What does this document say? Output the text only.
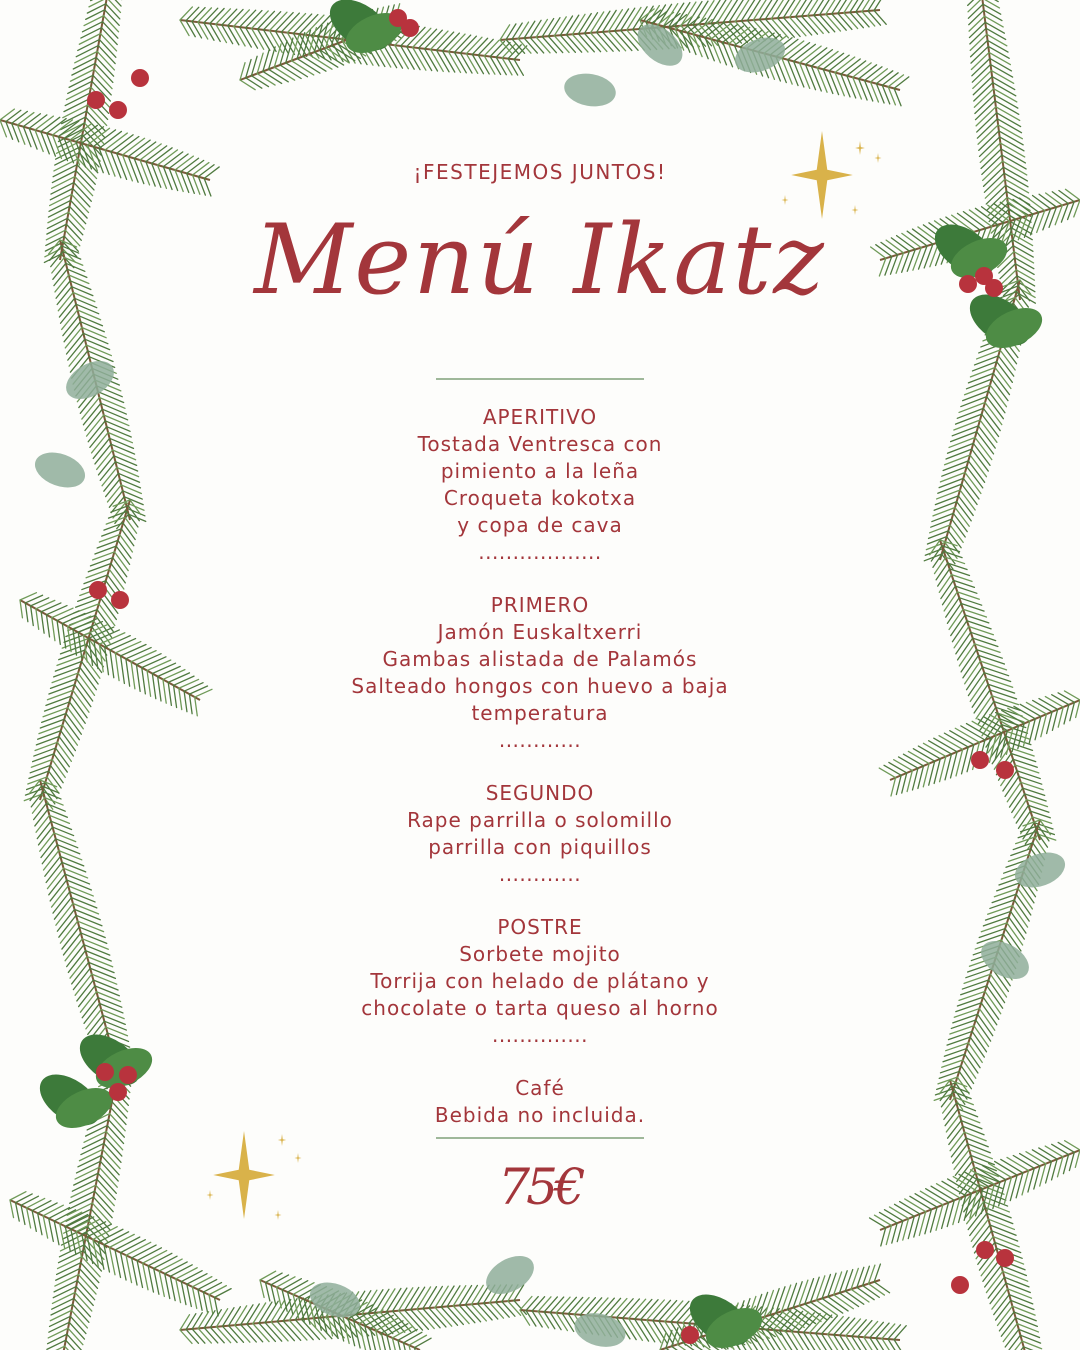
¡FESTEJEMOS JUNTOS!
Menú Ikatz
APERITIVO
Tostada Ventresca con
pimiento a la leña
Croqueta kokotxa
y copa de cava
..................
PRIMERO
Jamón Euskaltxerri
Gambas alistada de Palamós
Salteado hongos con huevo a baja
temperatura
............
SEGUNDO
Rape parrilla o solomillo
parrilla con piquillos
............
POSTRE
Sorbete mojito
Torrija con helado de plátano y
chocolate o tarta queso al horno
..............
Café
Bebida no incluida.
75€
